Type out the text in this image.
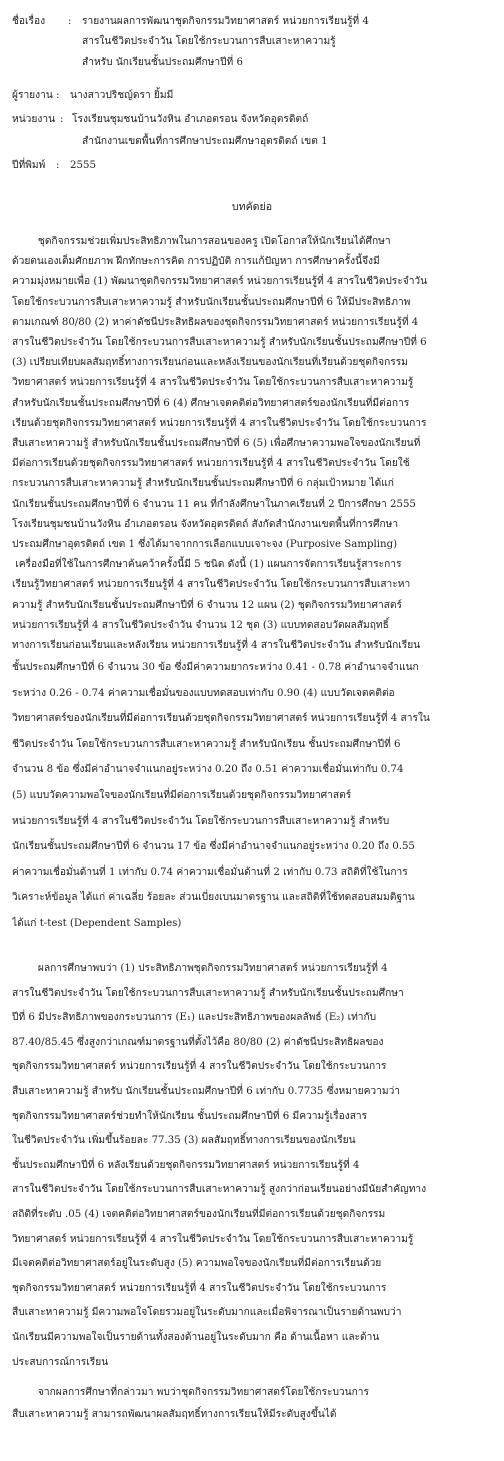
ชื่อเรื่อง : รายงานผลการพัฒนาชุดกิจกรรมวิทยาศาสตร์ หน่วยการเรียนรู้ที่ 4
สารในชีวิตประจำวัน โดยใช้กระบวนการสืบเสาะหาความรู้
สำหรับ นักเรียนชั้นประถมศึกษาปีที่ 6
ผู้รายงาน : นางสาวปริชญ์ดรา ยิ้มมี
หน่วยงาน : โรงเรียนชุมชนบ้านวังหิน อำเภอตรอน จังหวัดอุตรดิตถ์
สำนักงานเขตพื้นที่การศึกษาประถมศึกษาอุตรดิตถ์ เขต 1
ปีที่พิมพ์ : 2555
บทคัดย่อ
ชุดกิจกรรมช่วยเพิ่มประสิทธิภาพในการสอนของครู เปิดโอกาสให้นักเรียนได้ศึกษา
ด้วยตนเองเต็มศักยภาพ ฝึกทักษะการคิด การปฏิบัติ การแก้ปัญหา การศึกษาครั้งนี้จึงมี
ความมุ่งหมายเพื่อ (1) พัฒนาชุดกิจกรรมวิทยาศาสตร์ หน่วยการเรียนรู้ที่ 4 สารในชีวิตประจำวัน
โดยใช้กระบวนการสืบเสาะหาความรู้ สำหรับนักเรียนชั้นประถมศึกษาปีที่ 6 ให้มีประสิทธิภาพ
ตามเกณฑ์ 80/80 (2) หาค่าดัชนีประสิทธิผลของชุดกิจกรรมวิทยาศาสตร์ หน่วยการเรียนรู้ที่ 4
สารในชีวิตประจำวัน โดยใช้กระบวนการสืบเสาะหาความรู้ สำหรับนักเรียนชั้นประถมศึกษาปีที่ 6
(3) เปรียบเทียบผลสัมฤทธิ์ทางการเรียนก่อนและหลังเรียนของนักเรียนที่เรียนด้วยชุดกิจกรรม
วิทยาศาสตร์ หน่วยการเรียนรู้ที่ 4 สารในชีวิตประจำวัน โดยใช้กระบวนการสืบเสาะหาความรู้
สำหรับนักเรียนชั้นประถมศึกษาปีที่ 6 (4) ศึกษาเจตคติต่อวิทยาศาสตร์ของนักเรียนที่มีต่อการ
เรียนด้วยชุดกิจกรรมวิทยาศาสตร์ หน่วยการเรียนรู้ที่ 4 สารในชีวิตประจำวัน โดยใช้กระบวนการ
สืบเสาะหาความรู้ สำหรับนักเรียนชั้นประถมศึกษาปีที่ 6 (5) เพื่อศึกษาความพอใจของนักเรียนที่
มีต่อการเรียนด้วยชุดกิจกรรมวิทยาศาสตร์ หน่วยการเรียนรู้ที่ 4 สารในชีวิตประจำวัน โดยใช้
กระบวนการสืบเสาะหาความรู้ สำหรับนักเรียนชั้นประถมศึกษาปีที่ 6 กลุ่มเป้าหมาย ได้แก่
นักเรียนชั้นประถมศึกษาปีที่ 6 จำนวน 11 คน ที่กำลังศึกษาในภาคเรียนที่ 2 ปีการศึกษา 2555
โรงเรียนชุมชนบ้านวังหิน อำเภอตรอน จังหวัดอุตรดิตถ์ สังกัดสำนักงานเขตพื้นที่การศึกษา
ประถมศึกษาอุตรดิตถ์ เขต 1 ซึ่งได้มาจากการเลือกแบบเจาะจง (Purposive Sampling)
เครื่องมือที่ใช้ในการศึกษาค้นคว้าครั้งนี้มี 5 ชนิด ดังนี้ (1) แผนการจัดการเรียนรู้สาระการ
เรียนรู้วิทยาศาสตร์ หน่วยการเรียนรู้ที่ 4 สารในชีวิตประจำวัน โดยใช้กระบวนการสืบเสาะหา
ความรู้ สำหรับนักเรียนชั้นประถมศึกษาปีที่ 6 จำนวน 12 แผน (2) ชุดกิจกรรมวิทยาศาสตร์
หน่วยการเรียนรู้ที่ 4 สารในชีวิตประจำวัน จำนวน 12 ชุด (3) แบบทดสอบวัดผลสัมฤทธิ์
ทางการเรียนก่อนเรียนและหลังเรียน หน่วยการเรียนรู้ที่ 4 สารในชีวิตประจำวัน สำหรับนักเรียน
ชั้นประถมศึกษาปีที่ 6 จำนวน 30 ข้อ ซึ่งมีค่าความยากระหว่าง 0.41 - 0.78 ค่าอำนาจจำแนก
ระหว่าง 0.26 - 0.74 ค่าความเชื่อมั่นของแบบทดสอบเท่ากับ 0.90 (4) แบบวัดเจตคติต่อ
วิทยาศาสตร์ของนักเรียนที่มีต่อการเรียนด้วยชุดกิจกรรมวิทยาศาสตร์ หน่วยการเรียนรู้ที่ 4 สารใน
ชีวิตประจำวัน โดยใช้กระบวนการสืบเสาะหาความรู้ สำหรับนักเรียน ชั้นประถมศึกษาปีที่ 6
จำนวน 8 ข้อ ซึ่งมีค่าอำนาจจำแนกอยู่ระหว่าง 0.20 ถึง 0.51 ค่าความเชื่อมั่นเท่ากับ 0.74
(5) แบบวัดความพอใจของนักเรียนที่มีต่อการเรียนด้วยชุดกิจกรรมวิทยาศาสตร์
หน่วยการเรียนรู้ที่ 4 สารในชีวิตประจำวัน โดยใช้กระบวนการสืบเสาะหาความรู้ สำหรับ
นักเรียนชั้นประถมศึกษาปีที่ 6 จำนวน 17 ข้อ ซึ่งมีค่าอำนาจจำแนกอยู่ระหว่าง 0.20 ถึง 0.55
ค่าความเชื่อมั่นด้านที่ 1 เท่ากับ 0.74 ค่าความเชื่อมั่นด้านที่ 2 เท่ากับ 0.73 สถิติที่ใช้ในการ
วิเคราะห์ข้อมูล ได้แก่ ค่าเฉลี่ย ร้อยละ ส่วนเบี่ยงเบนมาตรฐาน และสถิติที่ใช้ทดสอบสมมติฐาน
ได้แก่ t-test (Dependent Samples)
ผลการศึกษาพบว่า (1) ประสิทธิภาพชุดกิจกรรมวิทยาศาสตร์ หน่วยการเรียนรู้ที่ 4
สารในชีวิตประจำวัน โดยใช้กระบวนการสืบเสาะหาความรู้ สำหรับนักเรียนชั้นประถมศึกษา
ปีที่ 6 มีประสิทธิภาพของกระบวนการ (E₁) และประสิทธิภาพของผลลัพธ์ (E₂) เท่ากับ
87.40/85.45 ซึ่งสูงกว่าเกณฑ์มาตรฐานที่ตั้งไว้คือ 80/80 (2) ค่าดัชนีประสิทธิผลของ
ชุดกิจกรรมวิทยาศาสตร์ หน่วยการเรียนรู้ที่ 4 สารในชีวิตประจำวัน โดยใช้กระบวนการ
สืบเสาะหาความรู้ สำหรับ นักเรียนชั้นประถมศึกษาปีที่ 6 เท่ากับ 0.7735 ซึ่งหมายความว่า
ชุดกิจกรรมวิทยาศาสตร์ช่วยทำให้นักเรียน ชั้นประถมศึกษาปีที่ 6 มีความรู้เรื่องสาร
ในชีวิตประจำวัน เพิ่มขึ้นร้อยละ 77.35 (3) ผลสัมฤทธิ์ทางการเรียนของนักเรียน
ชั้นประถมศึกษาปีที่ 6 หลังเรียนด้วยชุดกิจกรรมวิทยาศาสตร์ หน่วยการเรียนรู้ที่ 4
สารในชีวิตประจำวัน โดยใช้กระบวนการสืบเสาะหาความรู้ สูงกว่าก่อนเรียนอย่างมีนัยสำคัญทาง
สถิติที่ระดับ .05 (4) เจตคติต่อวิทยาศาสตร์ของนักเรียนที่มีต่อการเรียนด้วยชุดกิจกรรม
วิทยาศาสตร์ หน่วยการเรียนรู้ที่ 4 สารในชีวิตประจำวัน โดยใช้กระบวนการสืบเสาะหาความรู้
มีเจตคติต่อวิทยาศาสตร์อยู่ในระดับสูง (5) ความพอใจของนักเรียนที่มีต่อการเรียนด้วย
ชุดกิจกรรมวิทยาศาสตร์ หน่วยการเรียนรู้ที่ 4 สารในชีวิตประจำวัน โดยใช้กระบวนการ
สืบเสาะหาความรู้ มีความพอใจโดยรวมอยู่ในระดับมากและเมื่อพิจารณาเป็นรายด้านพบว่า
นักเรียนมีความพอใจเป็นรายด้านทั้งสองด้านอยู่ในระดับมาก คือ ด้านเนื้อหา และด้าน
ประสบการณ์การเรียน
จากผลการศึกษาที่กล่าวมา พบว่าชุดกิจกรรมวิทยาศาสตร์โดยใช้กระบวนการ
สืบเสาะหาความรู้ สามารถพัฒนาผลสัมฤทธิ์ทางการเรียนให้มีระดับสูงขึ้นได้
